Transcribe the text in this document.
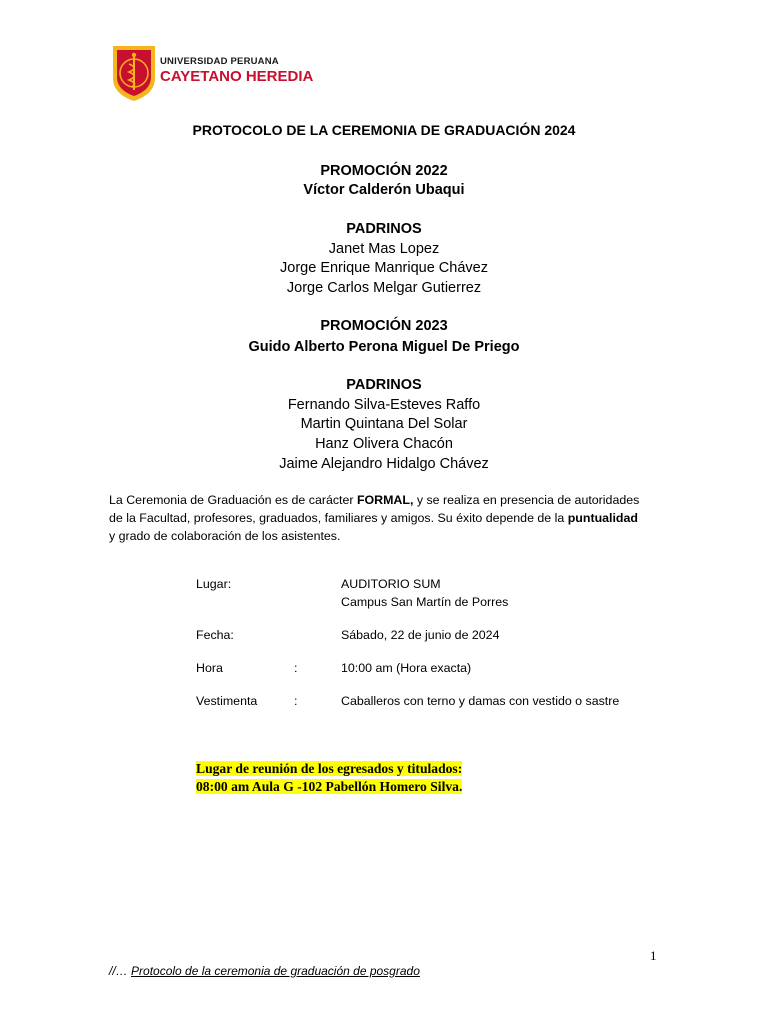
UNIVERSIDAD PERUANA
CAYETANO HEREDIA
PROTOCOLO DE LA CEREMONIA DE GRADUACIÓN 2024
PROMOCIÓN 2022
Víctor Calderón Ubaqui
PADRINOS
Janet Mas Lopez
Jorge Enrique Manrique Chávez
Jorge Carlos Melgar Gutierrez
PROMOCIÓN 2023
Guido Alberto Perona Miguel De Priego
PADRINOS
Fernando Silva-Esteves Raffo
Martin Quintana Del Solar
Hanz Olivera Chacón
Jaime Alejandro Hidalgo Chávez
La Ceremonia de Graduación es de carácter FORMAL, y se realiza en presencia de autoridades
de la Facultad, profesores, graduados, familiares y amigos. Su éxito depende de la puntualidad
y grado de colaboración de los asistentes.
Lugar:	AUDITORIO SUM
Campus San Martín de Porres
Fecha:	Sábado, 22 de junio de 2024
Hora	:	10:00 am (Hora exacta)
Vestimenta	:	Caballeros con terno y damas con vestido o sastre
Lugar de reunión de los egresados y titulados:
08:00 am Aula G -102 Pabellón Homero Silva.
1
//… Protocolo de la ceremonia de graduación de posgrado
